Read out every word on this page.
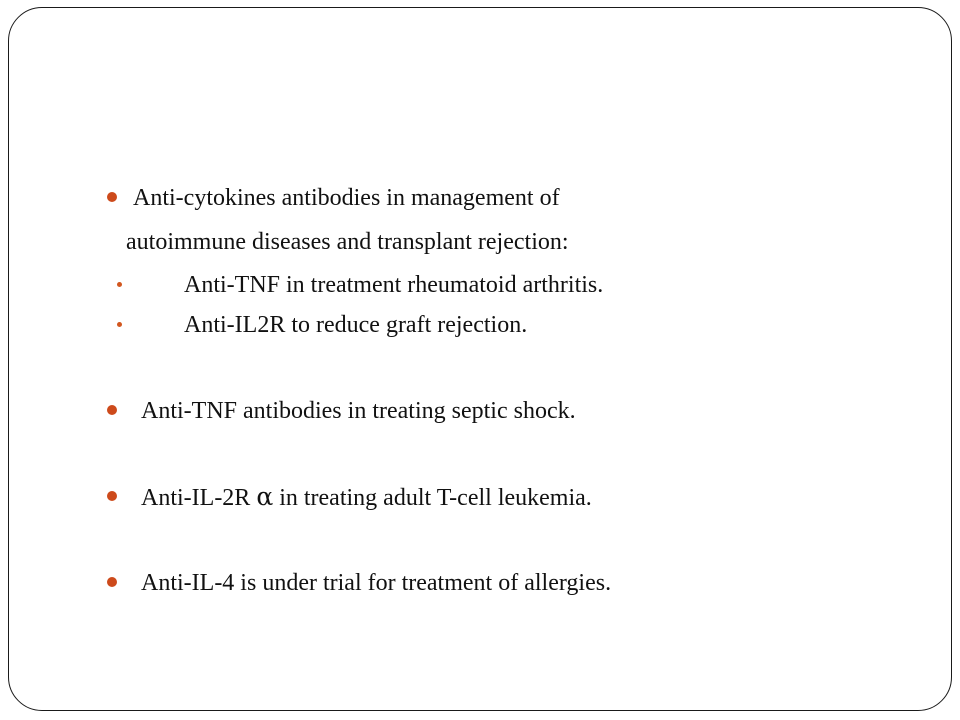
Anti-cytokines antibodies in management of
autoimmune diseases and transplant rejection:
Anti-TNF in treatment rheumatoid arthritis.
Anti-IL2R to reduce graft rejection.
Anti-TNF antibodies in treating septic shock.
Anti-IL-2R α in treating adult T-cell leukemia.
Anti-IL-4 is under trial for treatment of allergies.
